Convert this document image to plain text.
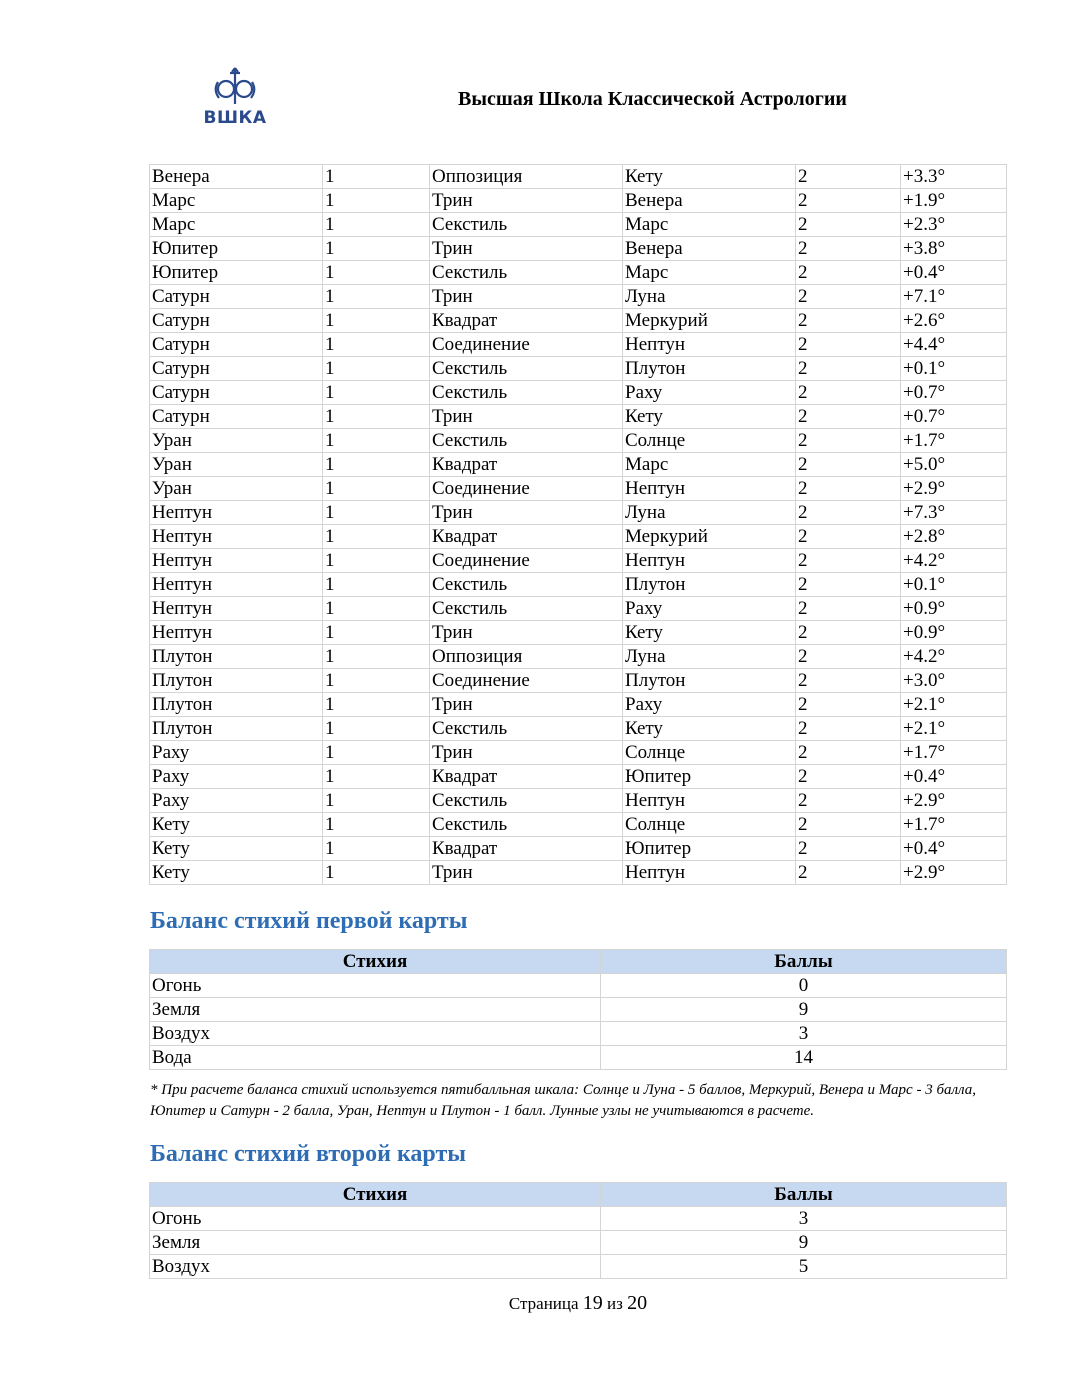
ВШКА
Высшая Школа Классической Астрологии
Венера	1	Оппозиция	Кету	2	+3.3°
Марс	1	Трин	Венера	2	+1.9°
Марс	1	Секстиль	Марс	2	+2.3°
Юпитер	1	Трин	Венера	2	+3.8°
Юпитер	1	Секстиль	Марс	2	+0.4°
Сатурн	1	Трин	Луна	2	+7.1°
Сатурн	1	Квадрат	Меркурий	2	+2.6°
Сатурн	1	Соединение	Нептун	2	+4.4°
Сатурн	1	Секстиль	Плутон	2	+0.1°
Сатурн	1	Секстиль	Раху	2	+0.7°
Сатурн	1	Трин	Кету	2	+0.7°
Уран	1	Секстиль	Солнце	2	+1.7°
Уран	1	Квадрат	Марс	2	+5.0°
Уран	1	Соединение	Нептун	2	+2.9°
Нептун	1	Трин	Луна	2	+7.3°
Нептун	1	Квадрат	Меркурий	2	+2.8°
Нептун	1	Соединение	Нептун	2	+4.2°
Нептун	1	Секстиль	Плутон	2	+0.1°
Нептун	1	Секстиль	Раху	2	+0.9°
Нептун	1	Трин	Кету	2	+0.9°
Плутон	1	Оппозиция	Луна	2	+4.2°
Плутон	1	Соединение	Плутон	2	+3.0°
Плутон	1	Трин	Раху	2	+2.1°
Плутон	1	Секстиль	Кету	2	+2.1°
Раху	1	Трин	Солнце	2	+1.7°
Раху	1	Квадрат	Юпитер	2	+0.4°
Раху	1	Секстиль	Нептун	2	+2.9°
Кету	1	Секстиль	Солнце	2	+1.7°
Кету	1	Квадрат	Юпитер	2	+0.4°
Кету	1	Трин	Нептун	2	+2.9°
Баланс стихий первой карты
Стихия	Баллы
Огонь	0
Земля	9
Воздух	3
Вода	14
* При расчете баланса стихий используется пятибалльная шкала: Солнце и Луна - 5 баллов, Меркурий, Венера и Марс - 3 балла, Юпитер и Сатурн - 2 балла, Уран, Нептун и Плутон - 1 балл. Лунные узлы не учитываются в расчете.
Баланс стихий второй карты
Стихия	Баллы
Огонь	3
Земля	9
Воздух	5
Страница 19 из 20
